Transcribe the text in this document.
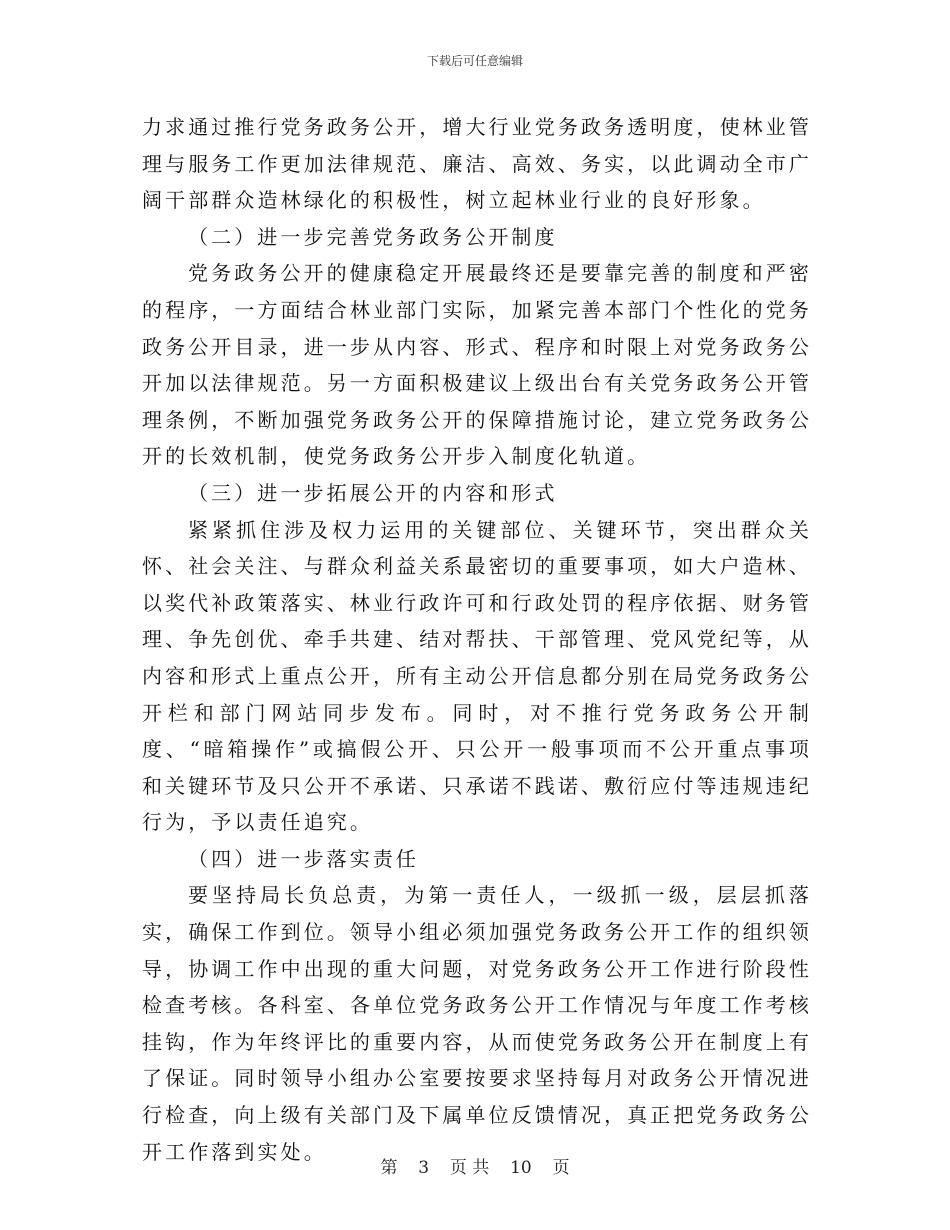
下载后可任意编辑

力求通过推行党务政务公开，增大行业党务政务透明度，使林业管理与服务工作更加法律规范、廉洁、高效、务实，以此调动全市广阔干部群众造林绿化的积极性，树立起林业行业的良好形象。

（二）进一步完善党务政务公开制度

党务政务公开的健康稳定开展最终还是要靠完善的制度和严密的程序，一方面结合林业部门实际，加紧完善本部门个性化的党务政务公开目录，进一步从内容、形式、程序和时限上对党务政务公开加以法律规范。另一方面积极建议上级出台有关党务政务公开管理条例，不断加强党务政务公开的保障措施讨论，建立党务政务公开的长效机制，使党务政务公开步入制度化轨道。

（三）进一步拓展公开的内容和形式

紧紧抓住涉及权力运用的关键部位、关键环节，突出群众关怀、社会关注、与群众利益关系最密切的重要事项，如大户造林、以奖代补政策落实、林业行政许可和行政处罚的程序依据、财务管理、争先创优、牵手共建、结对帮扶、干部管理、党风党纪等，从内容和形式上重点公开，所有主动公开信息都分别在局党务政务公开栏和部门网站同步发布。同时，对不推行党务政务公开制度、“暗箱操作”或搞假公开、只公开一般事项而不公开重点事项和关键环节及只公开不承诺、只承诺不践诺、敷衍应付等违规违纪行为，予以责任追究。

（四）进一步落实责任

要坚持局长负总责，为第一责任人，一级抓一级，层层抓落实，确保工作到位。领导小组必须加强党务政务公开工作的组织领导，协调工作中出现的重大问题，对党务政务公开工作进行阶段性检查考核。各科室、各单位党务政务公开工作情况与年度工作考核挂钩，作为年终评比的重要内容，从而使党务政务公开在制度上有了保证。同时领导小组办公室要按要求坚持每月对政务公开情况进行检查，向上级有关部门及下属单位反馈情况，真正把党务政务公开工作落到实处。

第 3 页 共 10 页
